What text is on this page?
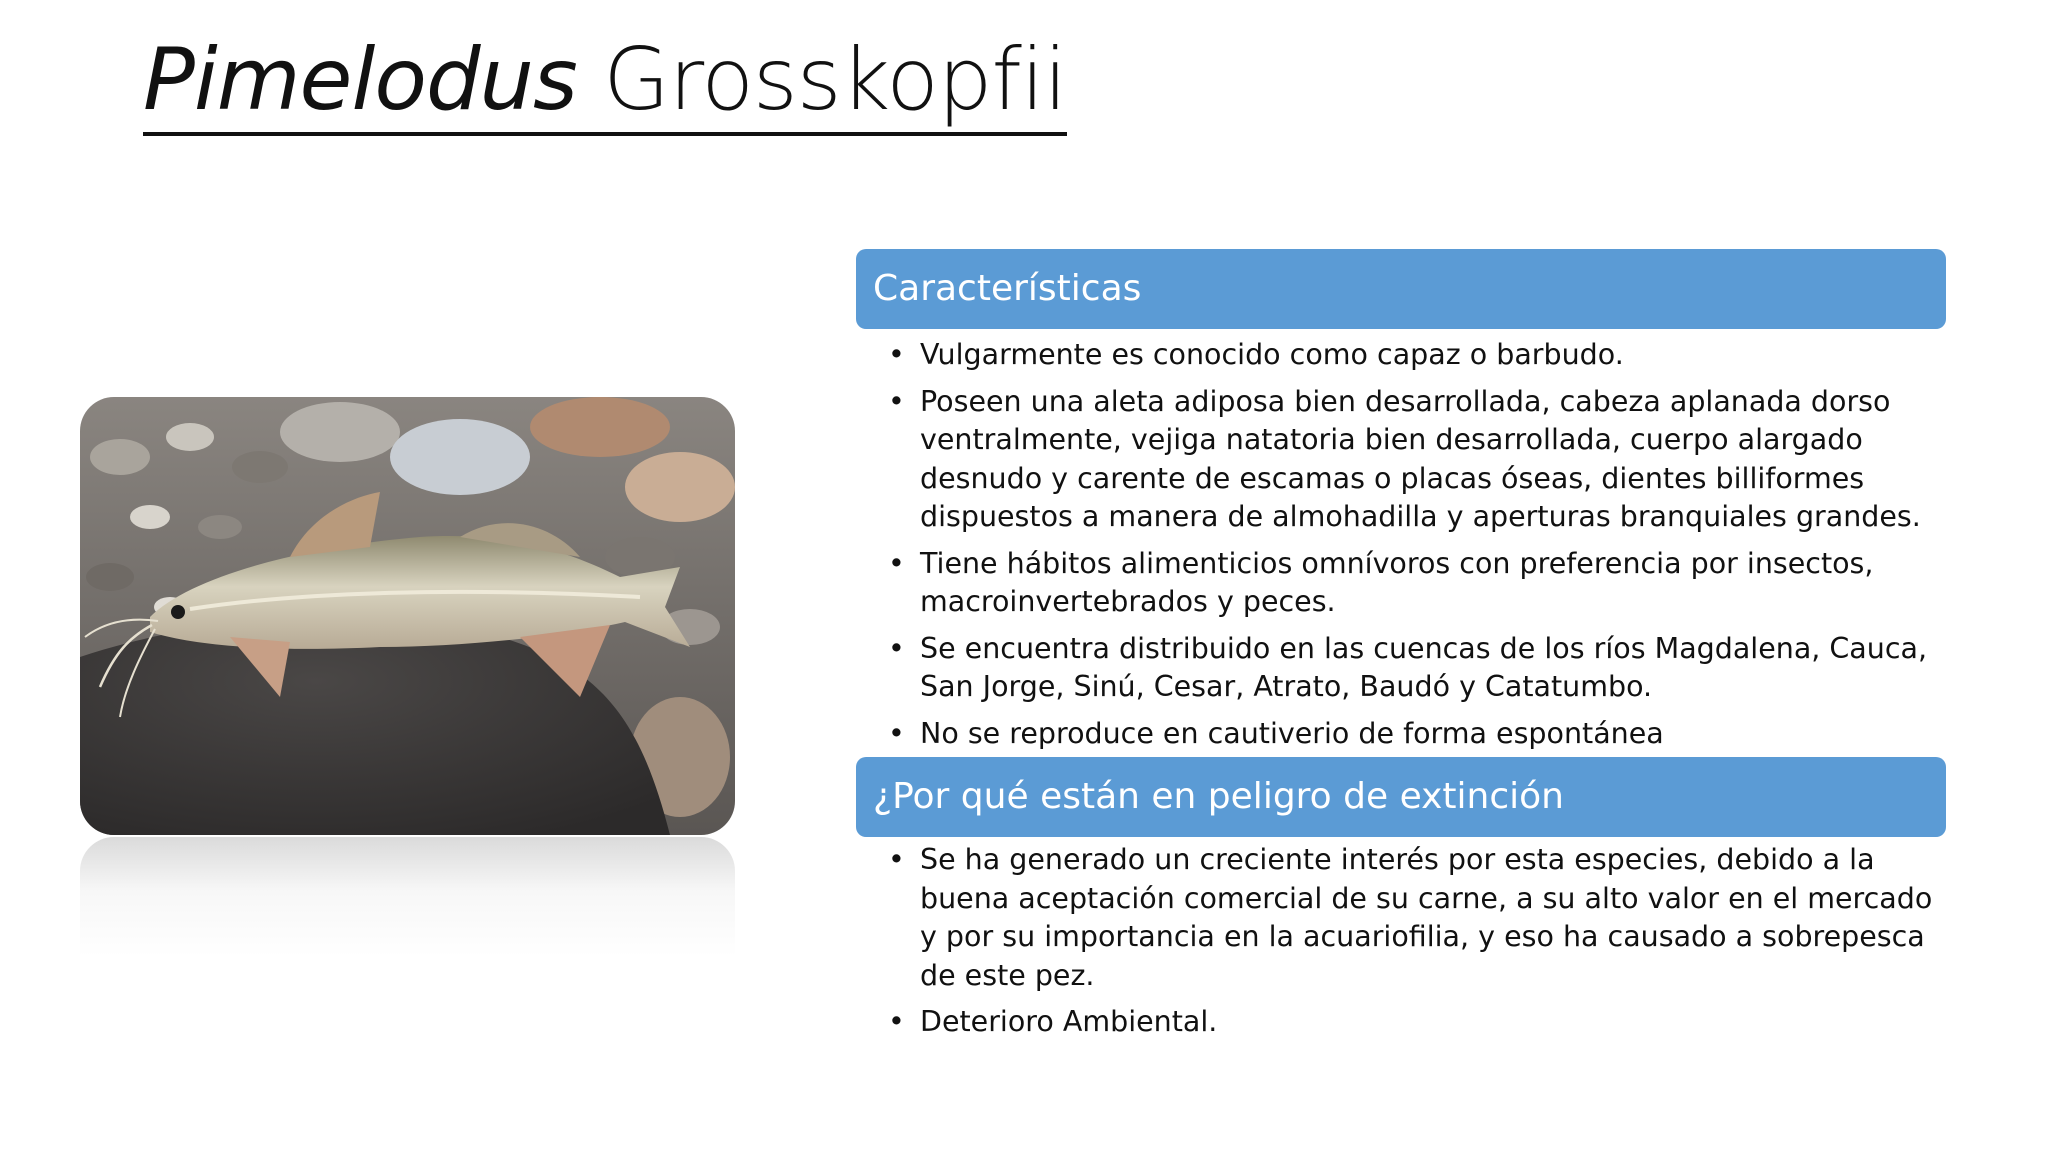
Pimelodus Grosskopfii
Características
• Vulgarmente es conocido como capaz o barbudo.
• Poseen una aleta adiposa bien desarrollada, cabeza aplanada dorso ventralmente, vejiga natatoria bien desarrollada, cuerpo alargado desnudo y carente de escamas o placas óseas, dientes billiformes dispuestos a manera de almohadilla y aperturas branquiales grandes.
• Tiene hábitos alimenticios omnívoros con preferencia por insectos, macroinvertebrados y peces.
• Se encuentra distribuido en las cuencas de los ríos Magdalena, Cauca, San Jorge, Sinú, Cesar, Atrato, Baudó y Catatumbo.
• No se reproduce en cautiverio de forma espontánea
¿Por qué están en peligro de extinción
• Se ha generado un creciente interés por esta especies, debido a la buena aceptación comercial de su carne, a su alto valor en el mercado y por su importancia en la acuariofilia, y eso ha causado a sobrepesca de este pez.
• Deterioro Ambiental.
